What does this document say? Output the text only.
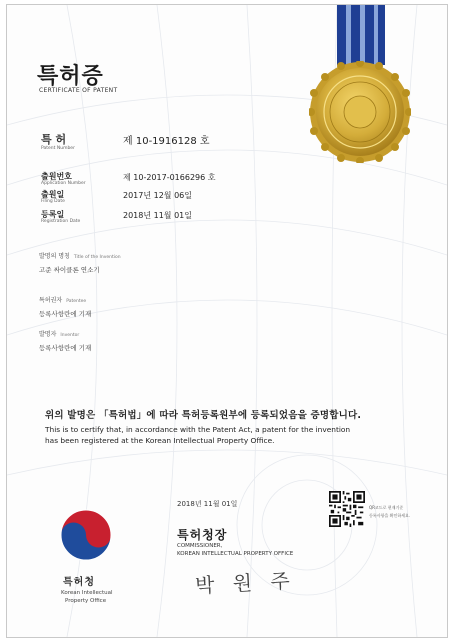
특허증
CERTIFICATE OF PATENT
특 허
Patent Number
제 10-1916128 호
출원번호
Application Number
제 10-2017-0166296 호
출원일
Filing Date
2017년 12월 06일
등록일
Registration Date
2018년 11월 01일
발명의 명칭 Title of the Invention
고준 싸이클론 연소기
특허권자 Patentee
등록사항란에 기재
발명자 Inventor
등록사항란에 기재
위의 발명은 「특허법」에 따라 특허등록원부에 등록되었음을 증명합니다.
This is to certify that, in accordance with the Patent Act, a patent for the invention
has been registered at the Korean Intellectual Property Office.
2018년 11월 01일	QR코드로 현재기준
등록사항을 확인하세요.
특허청
Korean Intellectual
Property Office
특허청장
COMMISSIONER,
KOREAN INTELLECTUAL PROPERTY OFFICE
박 원 주
